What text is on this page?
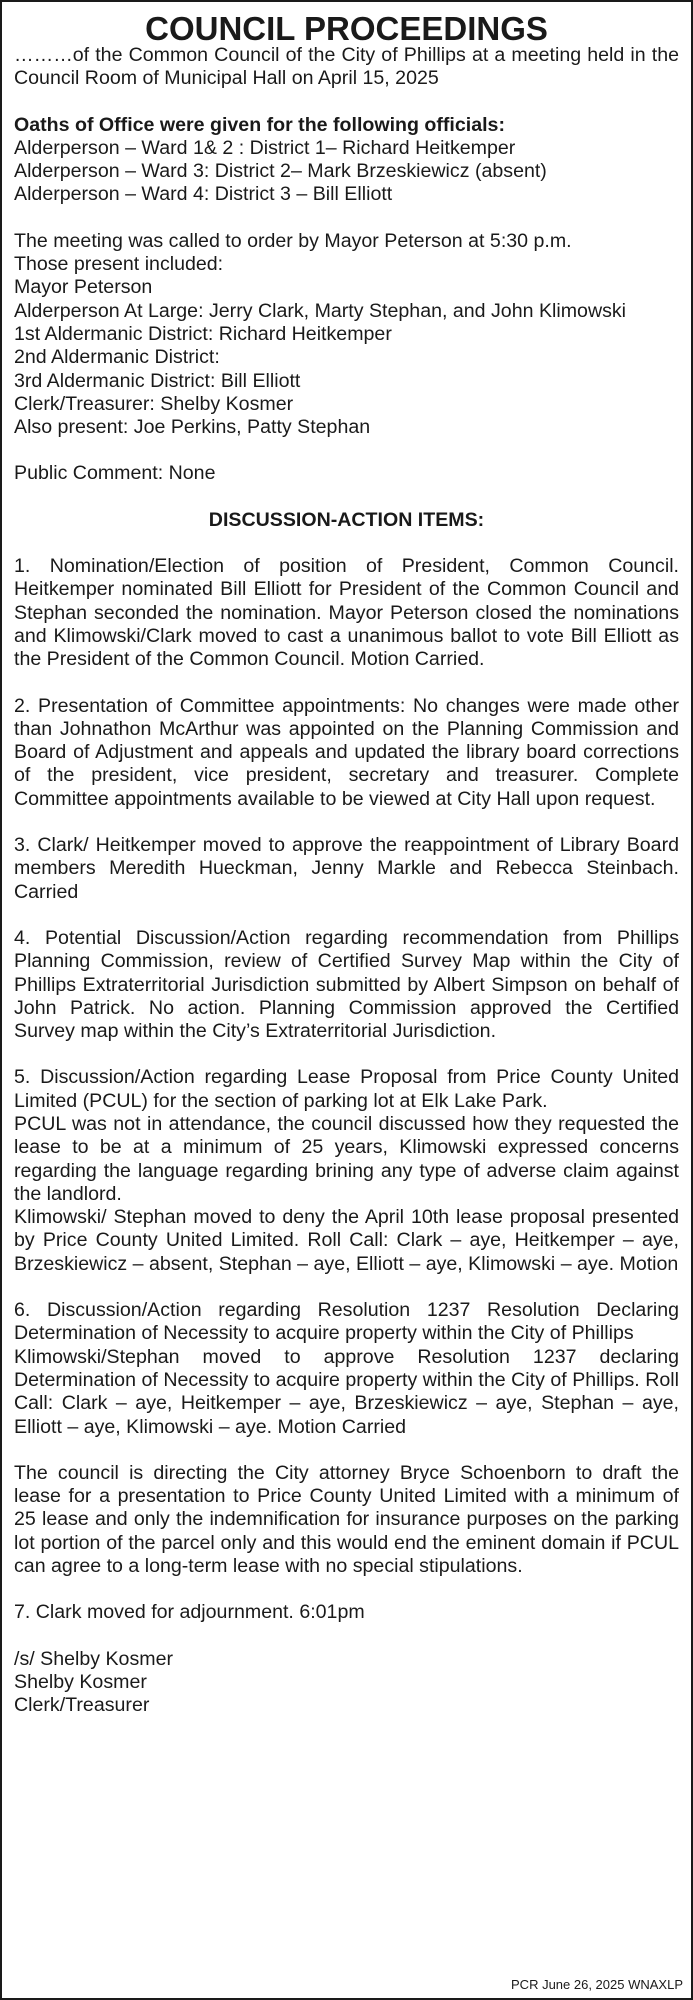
COUNCIL PROCEEDINGS

………of the Common Council of the City of Phillips at a meeting held in the Council Room of Municipal Hall on April 15, 2025

Oaths of Office were given for the following officials:
Alderperson – Ward 1& 2 : District 1– Richard Heitkemper
Alderperson – Ward 3: District 2– Mark Brzeskiewicz (absent)
Alderperson – Ward 4: District 3 – Bill Elliott
The meeting was called to order by Mayor Peterson at 5:30 p.m.
Those present included:
Mayor Peterson
Alderperson At Large: Jerry Clark, Marty Stephan, and John Klimowski
1st Aldermanic District: Richard Heitkemper
2nd Aldermanic District:
3rd Aldermanic District: Bill Elliott
Clerk/Treasurer: Shelby Kosmer
Also present: Joe Perkins, Patty Stephan

Public Comment: None

DISCUSSION-ACTION ITEMS:

1. Nomination/Election of position of President, Common Council. Heitkemper nominated Bill Elliott for President of the Common Council and Stephan seconded the nomination. Mayor Peterson closed the nominations and Klimowski/Clark moved to cast a unanimous ballot to vote Bill Elliott as the President of the Common Council. Motion Carried.

2. Presentation of Committee appointments: No changes were made other than Johnathon McArthur was appointed on the Planning Commission and Board of Adjustment and appeals and updated the library board corrections of the president, vice president, secretary and treasurer. Complete Committee appointments available to be viewed at City Hall upon request.

3. Clark/ Heitkemper moved to approve the reappointment of Library Board members Meredith Hueckman, Jenny Markle and Rebecca Steinbach. Carried

4. Potential Discussion/Action regarding recommendation from Phillips Planning Commission, review of Certified Survey Map within the City of Phillips Extraterritorial Jurisdiction submitted by Albert Simpson on behalf of John Patrick. No action. Planning Commission approved the Certified Survey map within the City’s Extraterritorial Jurisdiction.

5. Discussion/Action regarding Lease Proposal from Price County United Limited (PCUL) for the section of parking lot at Elk Lake Park.

PCUL was not in attendance, the council discussed how they requested the lease to be at a minimum of 25 years, Klimowski expressed concerns regarding the language regarding brining any type of adverse claim against the landlord.

Klimowski/ Stephan moved to deny the April 10th lease proposal presented by Price County United Limited. Roll Call: Clark – aye, Heitkemper – aye, Brzeskiewicz – absent, Stephan – aye, Elliott – aye, Klimowski – aye. Motion

6. Discussion/Action regarding Resolution 1237 Resolution Declaring Determination of Necessity to acquire property within the City of Phillips

Klimowski/Stephan moved to approve Resolution 1237 declaring Determination of Necessity to acquire property within the City of Phillips. Roll Call: Clark – aye, Heitkemper – aye, Brzeskiewicz – aye, Stephan – aye, Elliott – aye, Klimowski – aye. Motion Carried

The council is directing the City attorney Bryce Schoenborn to draft the lease for a presentation to Price County United Limited with a minimum of 25 lease and only the indemnification for insurance purposes on the parking lot portion of the parcel only and this would end the eminent domain if PCUL can agree to a long-term lease with no special stipulations.

7. Clark moved for adjournment. 6:01pm

/s/ Shelby Kosmer
Shelby Kosmer
Clerk/Treasurer
PCR June 26, 2025 WNAXLP
